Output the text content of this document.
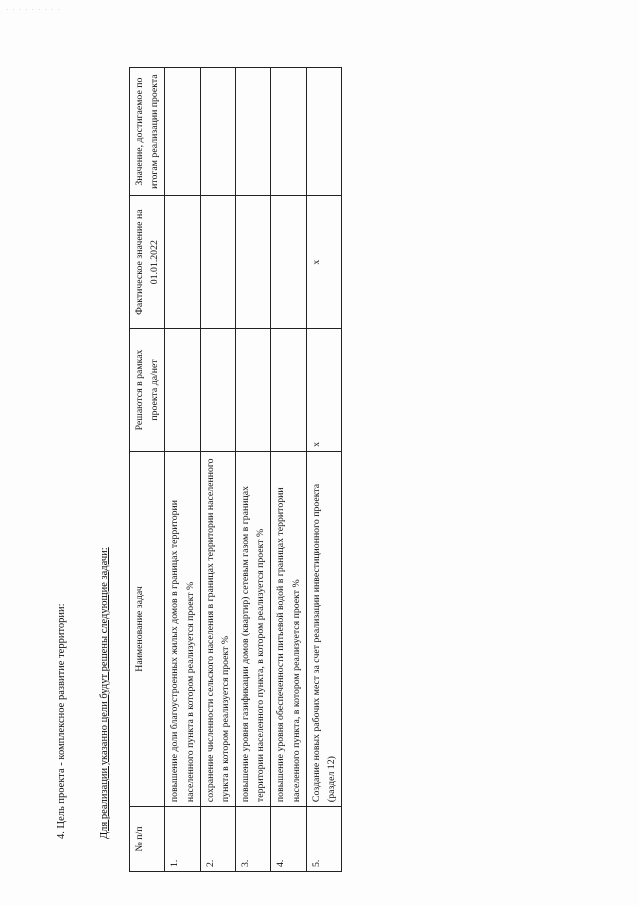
· · · · · · · · ·
4. Цель проекта - комплексное развитие территории:	Для реализации указанно цели будут решены следующие задачи:
№ п/п	Наименование задач	Решаются в рамках проекта да/нет	Фактическое значение на 01.01.2022	Значение, достигаемое по итогам реализации проекта
1.	повышение доли благоустроенных жилых домов в границах территории населенного пункта в котором реализуется проект %			
2.	сохранение численности сельского населения в границах территории населенного пункта в котором реализуется проект %			
3.	повышение уровня газификации домов (квартир) сетевым газом в границах территории населенного пункта, в котором реализуется проект %			
4.	повышение уровня обеспеченности питьевой водой в границах территории населенного пункта, в котором реализуется проект %			
5.	Создание новых рабочих мест за счет реализации инвестиционного проекта (раздел 12)	x	x	
